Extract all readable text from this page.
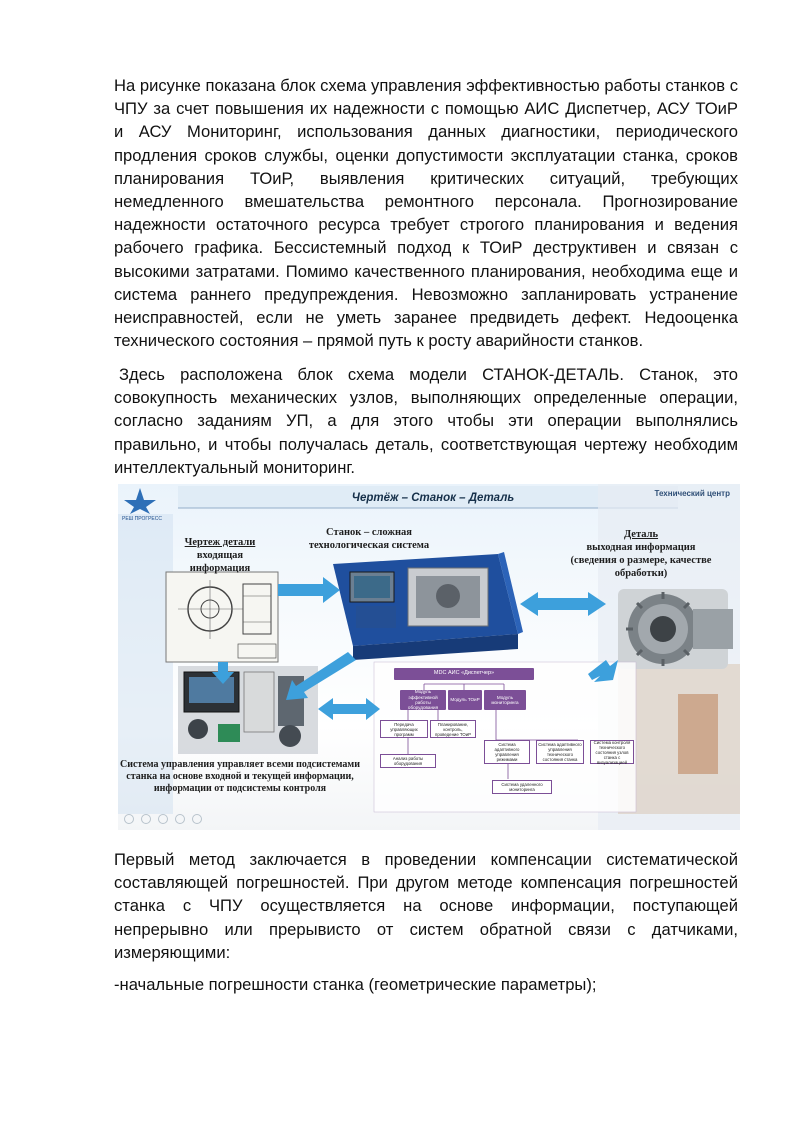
На рисунке показана блок схема управления эффективностью работы станков с ЧПУ за счет повышения их надежности с помощью АИС Диспетчер, АСУ ТОиР и АСУ Мониторинг, использования данных диагностики, периодического продления сроков службы, оценки допустимости эксплуатации станка, сроков планирования ТОиР, выявления критических ситуаций, требующих немедленного вмешательства ремонтного персонала. Прогнозирование надежности остаточного ресурса требует строгого планирования и ведения рабочего графика. Бессистемный подход к ТОиР деструктивен и связан с высокими затратами. Помимо качественного планирования, необходима еще и система раннего предупреждения. Невозможно запланировать устранение неисправностей, если не уметь заранее предвидеть дефект. Недооценка технического состояния – прямой путь к росту аварийности станков.

Здесь расположена блок схема модели СТАНОК-ДЕТАЛЬ. Станок, это совокупность механических узлов, выполняющих определенные операции, согласно заданиям УП, а для этого чтобы эти операции выполнялись правильно, и чтобы получалась деталь, соответствующая чертежу необходим интеллектуальный мониторинг.

РЕШ ПРОГРЕСС
Чертёж – Станок – Деталь	Технический центр
Чертеж детали
входящая
информация
Станок – сложная технологическая система
Деталь
выходная информация
(сведения о размере, качестве обработки)
Система управления управляет всеми подсистемами станка на основе входной и текущей информации, информации от подсистемы контроля
MDC АИС «Диспетчер»
Модуль эффективной работы оборудования
Модуль ТОиР
Модуль мониторинга
Передача управляющих программ
Планирование, контроль, проведение ТОиР
Анализ работы оборудования
Система адаптивного управления режимами
Система адаптивного управления технического состояния станка
Система контроля технического состояния узлов станка с визуализацией
Система удаленного мониторинга

Первый метод заключается в проведении компенсации систематической составляющей погрешностей. При другом методе компенсация погрешностей станка с ЧПУ осуществляется на основе информации, поступающей непрерывно или прерывисто от систем обратной связи с датчиками, измеряющими:

-начальные погрешности станка (геометрические параметры);
